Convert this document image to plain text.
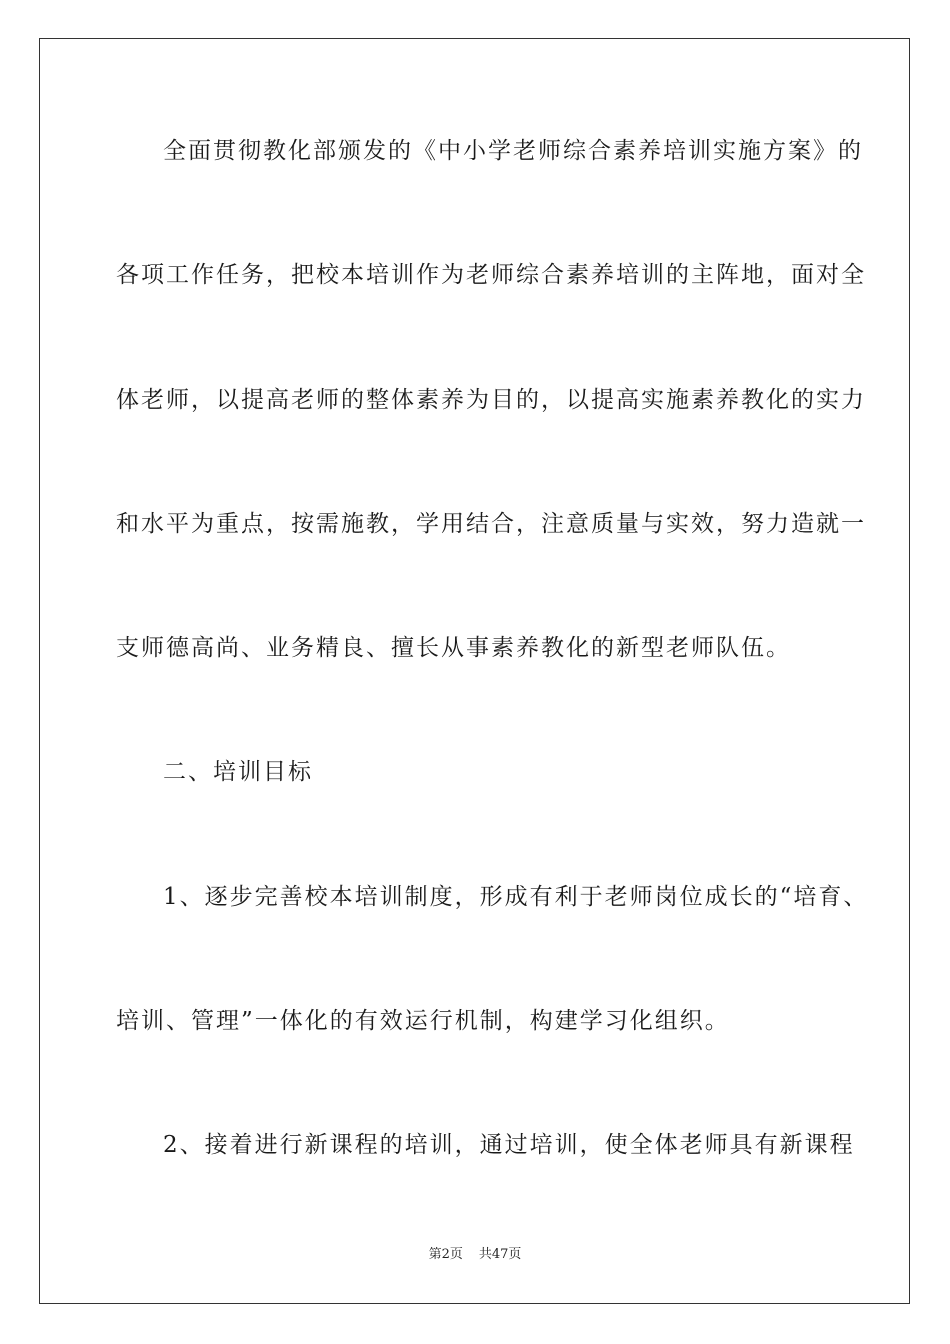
全面贯彻教化部颁发的《中小学老师综合素养培训实施方案》的
各项工作任务，把校本培训作为老师综合素养培训的主阵地，面对全
体老师，以提高老师的整体素养为目的，以提高实施素养教化的实力
和水平为重点，按需施教，学用结合，注意质量与实效，努力造就一
支师德高尚、业务精良、擅长从事素养教化的新型老师队伍。
二、培训目标
1、逐步完善校本培训制度，形成有利于老师岗位成长的“培育、
培训、管理”一体化的有效运行机制，构建学习化组织。
2、接着进行新课程的培训，通过培训，使全体老师具有新课程
第2页 共47页
